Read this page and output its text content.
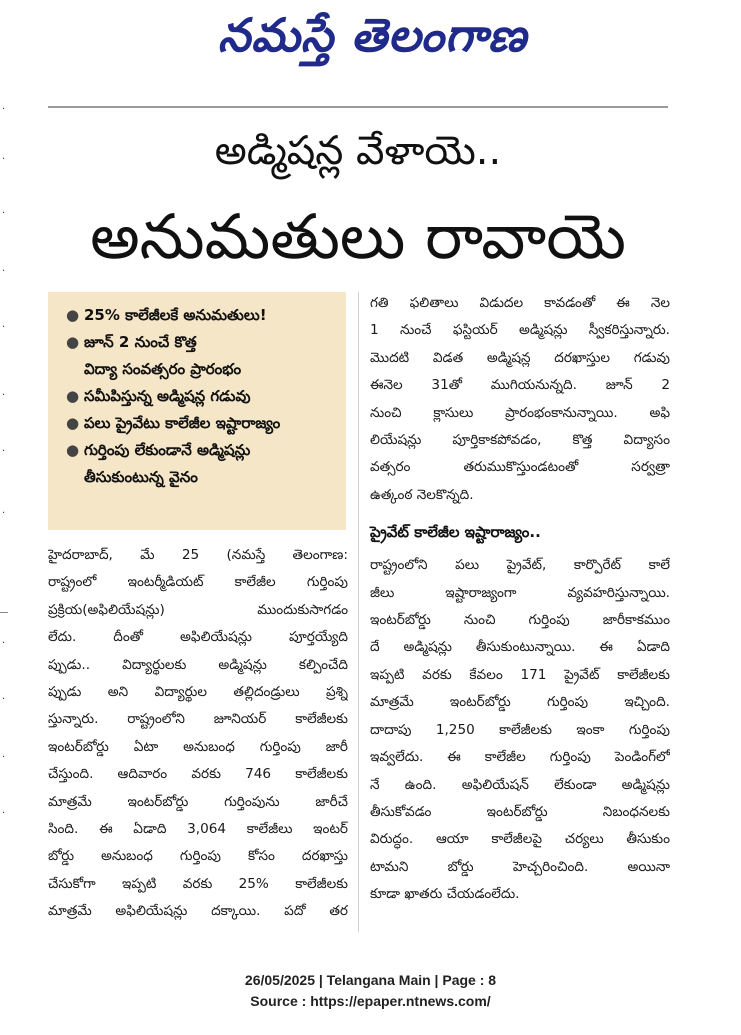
·
·
·
·
·
·
·
·
·
·
·
·
నమస్తే తెలంగాణ
అడ్మిషన్ల వేళాయె..
అనుమతులు రావాయె
● 25% కాలేజీలకే అనుమతులు!
● జూన్ 2 నుంచే కొత్త
విద్యా సంవత్సరం ప్రారంభం
● సమీపిస్తున్న అడ్మిషన్ల గడువు
● పలు ప్రైవేటు కాలేజీల ఇష్టారాజ్యం
● గుర్తింపు లేకుండానే అడ్మిషన్లు
తీసుకుంటున్న వైనం
హైదరాబాద్, మే 25 (నమస్తే తెలంగాణ:
రాష్ట్రంలో ఇంటర్మీడియట్ కాలేజీల గుర్తింపు
ప్రక్రియ(అఫిలియేషన్లు) ముందుకుసాగడం
లేదు. దీంతో అఫిలియేషన్లు పూర్తయ్యేది
ప్పుడు.. విద్యార్థులకు అడ్మిషన్లు కల్పించేది
ప్పుడు అని విద్యార్థుల తల్లిదండ్రులు ప్రశ్ని
స్తున్నారు. రాష్ట్రంలోని జూనియర్ కాలేజీలకు
ఇంటర్‌బోర్డు ఏటా అనుబంధ గుర్తింపు జారీ
చేస్తుంది. ఆదివారం వరకు 746 కాలేజీలకు
మాత్రమే ఇంటర్‌బోర్డు గుర్తింపును జారీచే
సింది. ఈ ఏడాది 3,064 కాలేజీలు ఇంటర్
బోర్డు అనుబంధ గుర్తింపు కోసం దరఖాస్తు
చేసుకోగా ఇప్పటి వరకు 25% కాలేజీలకు
మాత్రమే అఫిలియేషన్లు దక్కాయి. పదో తర
గతి ఫలితాలు విడుదల కావడంతో ఈ నెల
1 నుంచే ఫస్టియర్ అడ్మిషన్లు స్వీకరిస్తున్నారు.
మొదటి విడత అడ్మిషన్ల దరఖాస్తుల గడువు
ఈనెల 31తో ముగియనున్నది. జూన్ 2
నుంచి క్లాసులు ప్రారంభంకానున్నాయి. అఫి
లియేషన్లు పూర్తికాకపోవడం, కొత్త విద్యాసం
వత్సరం తరుముకొస్తుండటంతో సర్వత్రా
ఉత్కంఠ నెలకొన్నది.
ప్రైవేట్ కాలేజీల ఇష్టారాజ్యం..
రాష్ట్రంలోని పలు ప్రైవేట్, కార్పొరేట్ కాలే
జీలు ఇష్టారాజ్యంగా వ్యవహరిస్తున్నాయి.
ఇంటర్‌బోర్డు నుంచి గుర్తింపు జారీకాకముం
దే అడ్మిషన్లు తీసుకుంటున్నాయి. ఈ ఏడాది
ఇప్పటి వరకు కేవలం 171 ప్రైవేట్ కాలేజీలకు
మాత్రమే ఇంటర్‌బోర్డు గుర్తింపు ఇచ్చింది.
దాదాపు 1,250 కాలేజీలకు ఇంకా గుర్తింపు
ఇవ్వలేదు. ఈ కాలేజీల గుర్తింపు పెండింగ్‌లో
నే ఉంది. అఫిలియేషన్ లేకుండా అడ్మిషన్లు
తీసుకోవడం ఇంటర్‌బోర్డు నిబంధనలకు
విరుద్ధం. ఆయా కాలేజీలపై చర్యలు తీసుకుం
టామని బోర్డు హెచ్చరించింది. అయినా
కూడా ఖాతరు చేయడంలేదు.
26/05/2025 | Telangana Main | Page : 8
Source : https://epaper.ntnews.com/
